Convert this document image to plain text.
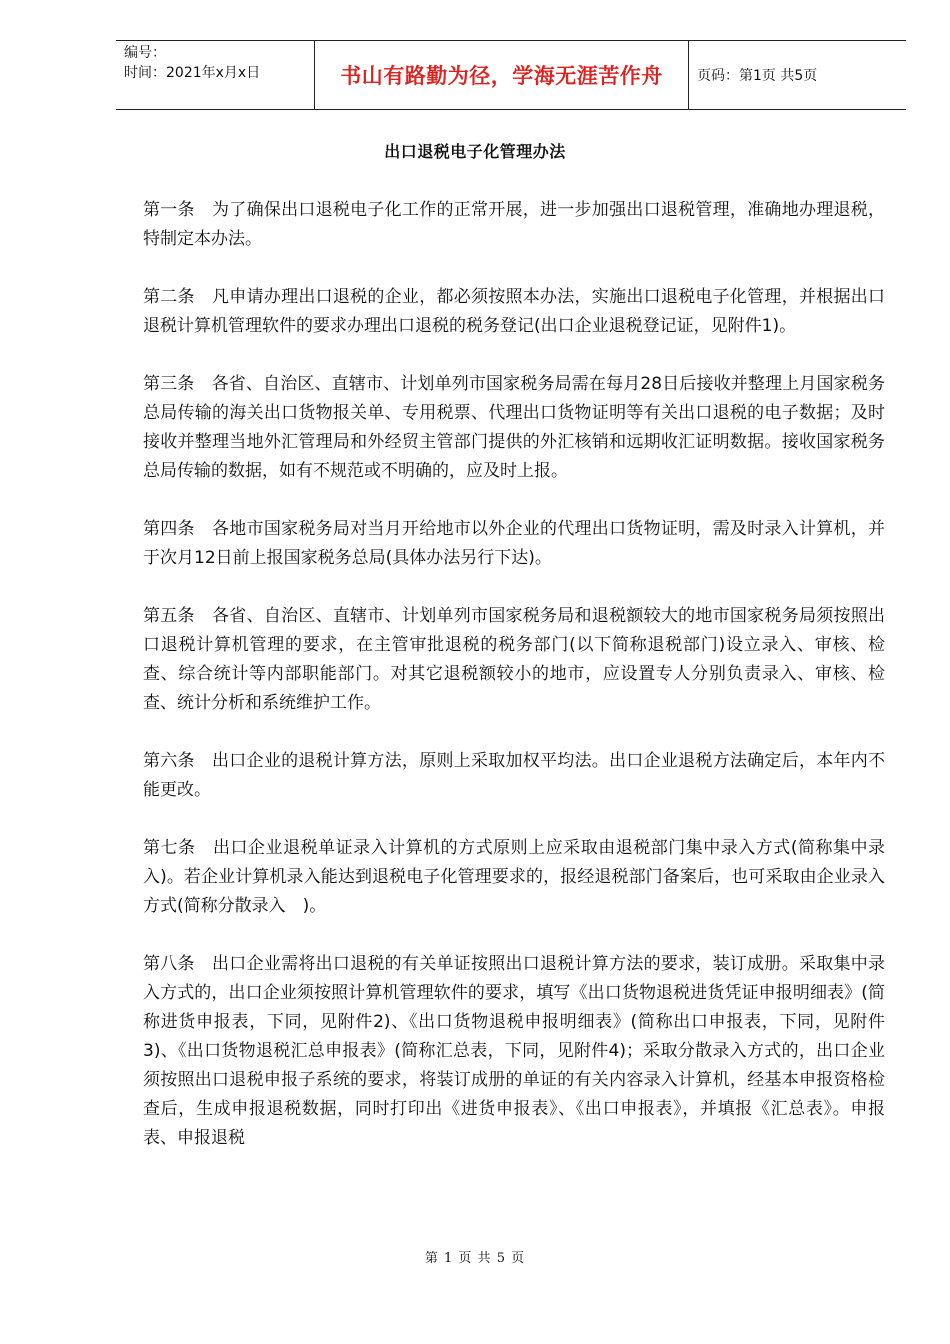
编号：
时间：2021年x月x日	书山有路勤为径，学海无涯苦作舟 页码：第1页 共5页
出口退税电子化管理办法

第一条　为了确保出口退税电子化工作的正常开展，进一步加强出口退税管理，准确地办理退税，特制定本办法。

第二条　凡申请办理出口退税的企业，都必须按照本办法，实施出口退税电子化管理，并根据出口退税计算机管理软件的要求办理出口退税的税务登记(出口企业退税登记证，见附件1)。

第三条　各省、自治区、直辖市、计划单列市国家税务局需在每月28日后接收并整理上月国家税务总局传输的海关出口货物报关单、专用税票、代理出口货物证明等有关出口退税的电子数据；及时接收并整理当地外汇管理局和外经贸主管部门提供的外汇核销和远期收汇证明数据。接收国家税务总局传输的数据，如有不规范或不明确的，应及时上报。

第四条　各地市国家税务局对当月开给地市以外企业的代理出口货物证明，需及时录入计算机，并于次月12日前上报国家税务总局(具体办法另行下达)。

第五条　各省、自治区、直辖市、计划单列市国家税务局和退税额较大的地市国家税务局须按照出口退税计算机管理的要求，在主管审批退税的税务部门(以下简称退税部门)设立录入、审核、检查、综合统计等内部职能部门。对其它退税额较小的地市，应设置专人分别负责录入、审核、检查、统计分析和系统维护工作。

第六条　出口企业的退税计算方法，原则上采取加权平均法。出口企业退税方法确定后，本年内不能更改。

第七条　出口企业退税单证录入计算机的方式原则上应采取由退税部门集中录入方式(简称集中录入)。若企业计算机录入能达到退税电子化管理要求的，报经退税部门备案后，也可采取由企业录入方式(简称分散录入　)。

第八条　出口企业需将出口退税的有关单证按照出口退税计算方法的要求，装订成册。采取集中录入方式的，出口企业须按照计算机管理软件的要求，填写《出口货物退税进货凭证申报明细表》(简称进货申报表，下同，见附件2)、《出口货物退税申报明细表》(简称出口申报表，下同，见附件3)、《出口货物退税汇总申报表》(简称汇总表，下同，见附件4)；采取分散录入方式的，出口企业须按照出口退税申报子系统的要求，将装订成册的单证的有关内容录入计算机，经基本申报资格检查后，生成申报退税数据，同时打印出《进货申报表》、《出口申报表》，并填报《汇总表》。申报表、申报退税

第 1 页 共 5 页
